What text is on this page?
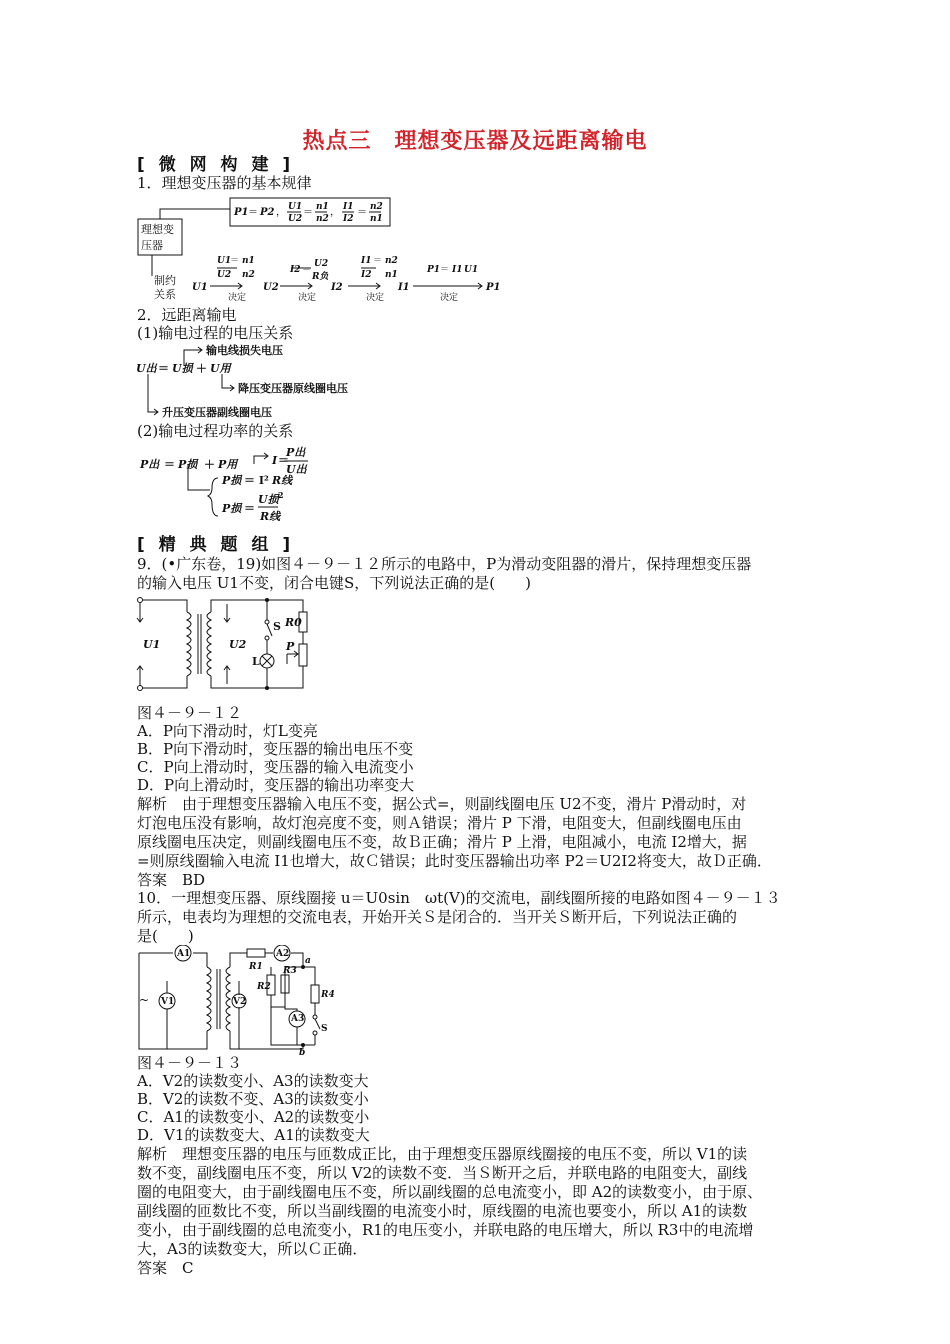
热点三　理想变压器及远距离输电
[ 微 网 构 建 ]
1．理想变压器的基本规律
理想变
压器
制约
关系
P1 ＝ P2 ， U1
U2
＝ n1
n2
， I1
I2
＝ n2
n1
U1
＝ n1
U2 n2
U1
决定
U2
I2 ＝
U2
R负
决定
I2
I1 ＝ n2
I2 n1
决定
I1
P1 ＝ I1 U1
决定
P1
2．远距离输电
(1)输电过程的电压关系
输电线损失电压
U出 ＝ U损 ＋ U用
降压变压器原线圈电压
升压变压器副线圈电压
(2)输电过程功率的关系
P出 ＝ P损 ＋ P用	I ＝
P出
U出
P损 ＝ I² R线
P损 ＝
U损 2
R线
[ 精 典 题 组 ]
9．(•广东卷，19)如图４－９－１２所示的电路中，P为滑动变阻器的滑片，保持理想变压器
的输入电压 U1不变，闭合电键S，下列说法正确的是(　　)
U1	U2
S
L
R0
P
图４－９－１２
A．P向下滑动时，灯L变亮
B．P向下滑动时，变压器的输出电压不变
C．P向上滑动时，变压器的输入电流变小
D．P向上滑动时，变压器的输出功率变大
解析　由于理想变压器输入电压不变，据公式=，则副线圈电压 U2不变，滑片 P滑动时，对
灯泡电压没有影响，故灯泡亮度不变，则Ａ错误；滑片 P 下滑，电阻变大，但副线圈电压由
原线圈电压决定，则副线圈电压不变，故Ｂ正确；滑片 P 上滑，电阻减小，电流 I2增大，据
=则原线圈输入电流 I1也增大，故Ｃ错误；此时变压器输出功率 P2＝U2I2将变大，故Ｄ正确．
答案　BD
10．一理想变压器、原线圈接 u＝U0sin　ωt(V)的交流电，副线圈所接的电路如图４－９－１３
所示，电表均为理想的交流电表，开始开关Ｓ是闭合的．当开关Ｓ断开后，下列说法正确的
是(　　)
A1
V1	V2
A2
A3
~
R1
R2
R3
R4
a
b
S
图４－９－１３
A．V2的读数变小、A3的读数变大
B．V2的读数不变、A3的读数变小
C．A1的读数变小、A2的读数变小
D．V1的读数变大、A1的读数变大
解析　理想变压器的电压与匝数成正比，由于理想变压器原线圈接的电压不变，所以 V1的读
数不变，副线圈电压不变，所以 V2的读数不变．当Ｓ断开之后，并联电路的电阻变大，副线
圈的电阻变大，由于副线圈电压不变，所以副线圈的总电流变小，即 A2的读数变小，由于原、
副线圈的匝数比不变，所以当副线圈的电流变小时，原线圈的电流也要变小，所以 A1的读数
变小，由于副线圈的总电流变小，R1的电压变小，并联电路的电压增大，所以 R3中的电流增
大，A3的读数变大，所以Ｃ正确．
答案　C
